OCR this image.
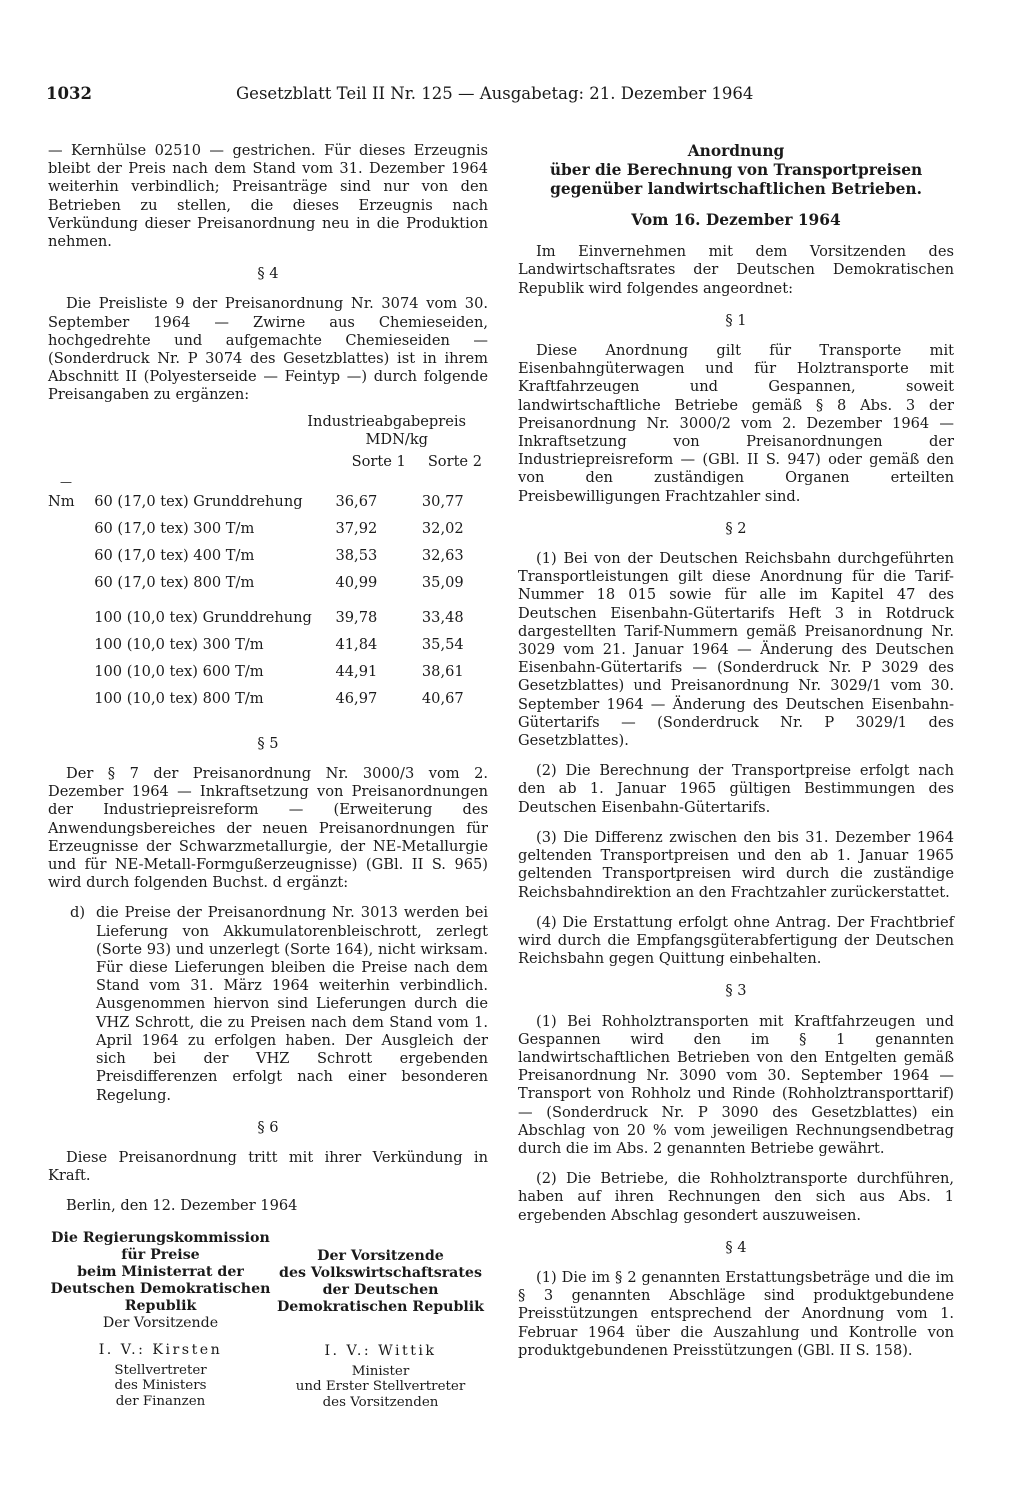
1032	Gesetzblatt Teil II Nr. 125 — Ausgabetag: 21. Dezember 1964

— Kernhülse 02510 — gestrichen. Für dieses Erzeugnis bleibt der Preis nach dem Stand vom 31. Dezember 1964 weiterhin verbindlich; Preisanträge sind nur von den Betrieben zu stellen, die dieses Erzeugnis nach Verkündung dieser Preisanordnung neu in die Produktion nehmen.

§ 4

Die Preisliste 9 der Preisanordnung Nr. 3074 vom 30. September 1964 — Zwirne aus Chemieseiden, hochgedrehte und aufgemachte Chemieseiden — (Sonderdruck Nr. P 3074 des Gesetzblattes) ist in ihrem Abschnitt II (Polyesterseide — Feintyp —) durch folgende Preisangaben zu ergänzen:

Industrieabgabepreis
MDN/kg
Sorte 1 Sorte 2
—
Nm	60 (17,0 tex) Grunddrehung	36,67	30,77
	60 (17,0 tex) 300 T/m	37,92	32,02
	60 (17,0 tex) 400 T/m	38,53	32,63
	60 (17,0 tex) 800 T/m	40,99	35,09

	100 (10,0 tex) Grunddrehung	39,78	33,48
	100 (10,0 tex) 300 T/m	41,84	35,54
	100 (10,0 tex) 600 T/m	44,91	38,61
	100 (10,0 tex) 800 T/m	46,97	40,67
§ 5

Der § 7 der Preisanordnung Nr. 3000/3 vom 2. Dezember 1964 — Inkraftsetzung von Preisanordnungen der Industriepreisreform — (Erweiterung des Anwendungsbereiches der neuen Preisanordnungen für Erzeugnisse der Schwarzmetallurgie, der NE-Metallurgie und für NE-Metall-Formgußerzeugnisse) (GBl. II S. 965) wird durch folgenden Buchst. d ergänzt:

d) die Preise der Preisanordnung Nr. 3013 werden bei Lieferung von Akkumulatorenbleischrott, zerlegt (Sorte 93) und unzerlegt (Sorte 164), nicht wirksam. Für diese Lieferungen bleiben die Preise nach dem Stand vom 31. März 1964 weiterhin verbindlich. Ausgenommen hiervon sind Lieferungen durch die VHZ Schrott, die zu Preisen nach dem Stand vom 1. April 1964 zu erfolgen haben. Der Ausgleich der sich bei der VHZ Schrott ergebenden Preisdifferenzen erfolgt nach einer besonderen Regelung.
§ 6

Diese Preisanordnung tritt mit ihrer Verkündung in Kraft.

Berlin, den 12. Dezember 1964

Die Regierungskommission
für Preise
beim Ministerrat der
Deutschen Demokratischen
Republik
Der Vorsitzende
I. V.: Kirsten
Stellvertreter
des Ministers
der Finanzen
Der Vorsitzende
des Volkswirtschaftsrates
der Deutschen
Demokratischen Republik
I. V.: Wittik
Minister
und Erster Stellvertreter
des Vorsitzenden
Anordnung
über die Berechnung von Transportpreisen
gegenüber landwirtschaftlichen Betrieben.
Vom 16. Dezember 1964

Im Einvernehmen mit dem Vorsitzenden des Landwirtschaftsrates der Deutschen Demokratischen Republik wird folgendes angeordnet:

§ 1

Diese Anordnung gilt für Transporte mit Eisenbahngüterwagen und für Holztransporte mit Kraftfahrzeugen und Gespannen, soweit landwirtschaftliche Betriebe gemäß § 8 Abs. 3 der Preisanordnung Nr. 3000/2 vom 2. Dezember 1964 — Inkraftsetzung von Preisanordnungen der Industriepreisreform — (GBl. II S. 947) oder gemäß den von den zuständigen Organen erteilten Preisbewilligungen Frachtzahler sind.

§ 2

(1) Bei von der Deutschen Reichsbahn durchgeführten Transportleistungen gilt diese Anordnung für die Tarif-Nummer 18 015 sowie für alle im Kapitel 47 des Deutschen Eisenbahn-Gütertarifs Heft 3 in Rotdruck dargestellten Tarif-Nummern gemäß Preisanordnung Nr. 3029 vom 21. Januar 1964 — Änderung des Deutschen Eisenbahn-Gütertarifs — (Sonderdruck Nr. P 3029 des Gesetzblattes) und Preisanordnung Nr. 3029/1 vom 30. September 1964 — Änderung des Deutschen Eisenbahn-Gütertarifs — (Sonderdruck Nr. P 3029/1 des Gesetzblattes).

(2) Die Berechnung der Transportpreise erfolgt nach den ab 1. Januar 1965 gültigen Bestimmungen des Deutschen Eisenbahn-Gütertarifs.

(3) Die Differenz zwischen den bis 31. Dezember 1964 geltenden Transportpreisen und den ab 1. Januar 1965 geltenden Transportpreisen wird durch die zuständige Reichsbahndirektion an den Frachtzahler zurückerstattet.

(4) Die Erstattung erfolgt ohne Antrag. Der Frachtbrief wird durch die Empfangsgüterabfertigung der Deutschen Reichsbahn gegen Quittung einbehalten.

§ 3

(1) Bei Rohholztransporten mit Kraftfahrzeugen und Gespannen wird den im § 1 genannten landwirtschaftlichen Betrieben von den Entgelten gemäß Preisanordnung Nr. 3090 vom 30. September 1964 — Transport von Rohholz und Rinde (Rohholztransporttarif) — (Sonderdruck Nr. P 3090 des Gesetzblattes) ein Abschlag von 20 % vom jeweiligen Rechnungsendbetrag durch die im Abs. 2 genannten Betriebe gewährt.

(2) Die Betriebe, die Rohholztransporte durchführen, haben auf ihren Rechnungen den sich aus Abs. 1 ergebenden Abschlag gesondert auszuweisen.

§ 4

(1) Die im § 2 genannten Erstattungsbeträge und die im § 3 genannten Abschläge sind produktgebundene Preisstützungen entsprechend der Anordnung vom 1. Februar 1964 über die Auszahlung und Kontrolle von produktgebundenen Preisstützungen (GBl. II S. 158).
